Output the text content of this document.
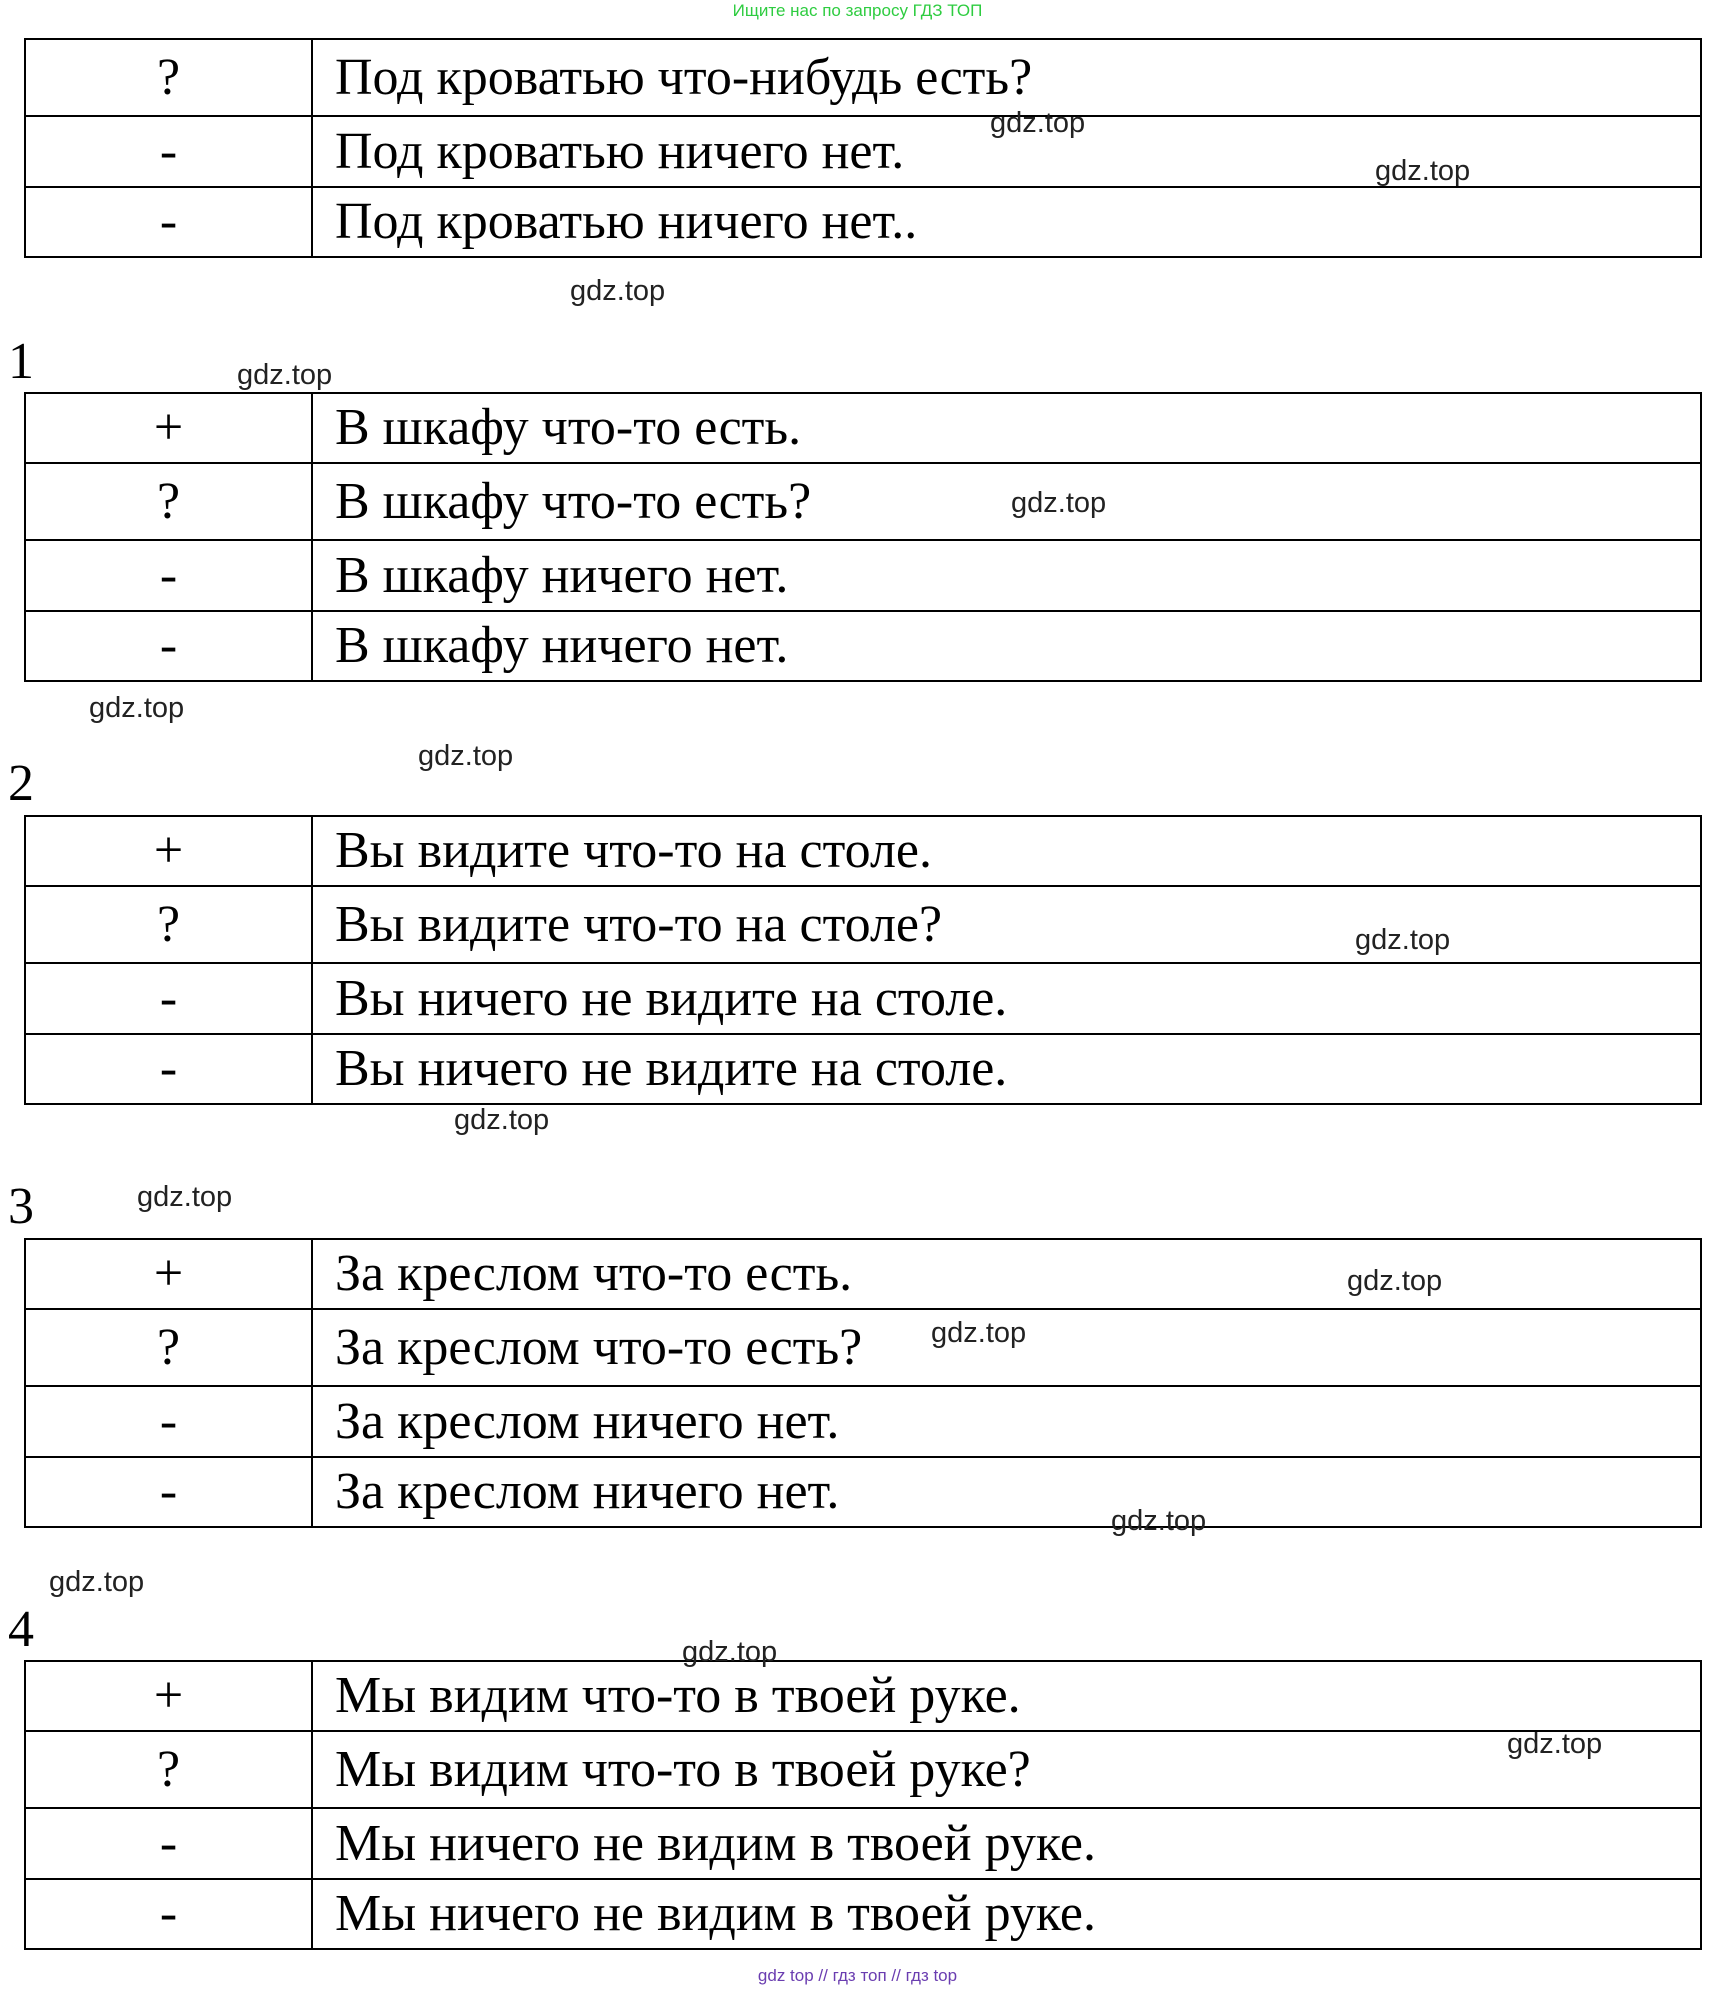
Ищите нас по запросу ГДЗ ТОП
?	Под кроватью что-нибудь есть?
-	Под кроватью ничего нет.
-	Под кроватью ничего нет..
1
+	В шкафу что-то есть.
?	В шкафу что-то есть?
-	В шкафу ничего нет.
-	В шкафу ничего нет.
2
+	Вы видите что-то на столе.
?	Вы видите что-то на столе?
-	Вы ничего не видите на столе.
-	Вы ничего не видите на столе.
3
+	За креслом что-то есть.
?	За креслом что-то есть?
-	За креслом ничего нет.
-	За креслом ничего нет.
4
+	Мы видим что-то в твоей руке.
?	Мы видим что-то в твоей руке?
-	Мы ничего не видим в твоей руке.
-	Мы ничего не видим в твоей руке.
gdz.top
gdz.top
gdz.top
gdz.top
gdz.top
gdz.top
gdz.top
gdz.top
gdz.top
gdz.top
gdz.top
gdz.top
gdz.top
gdz.top
gdz.top
gdz.top
gdz top // гдз топ // гдз top
